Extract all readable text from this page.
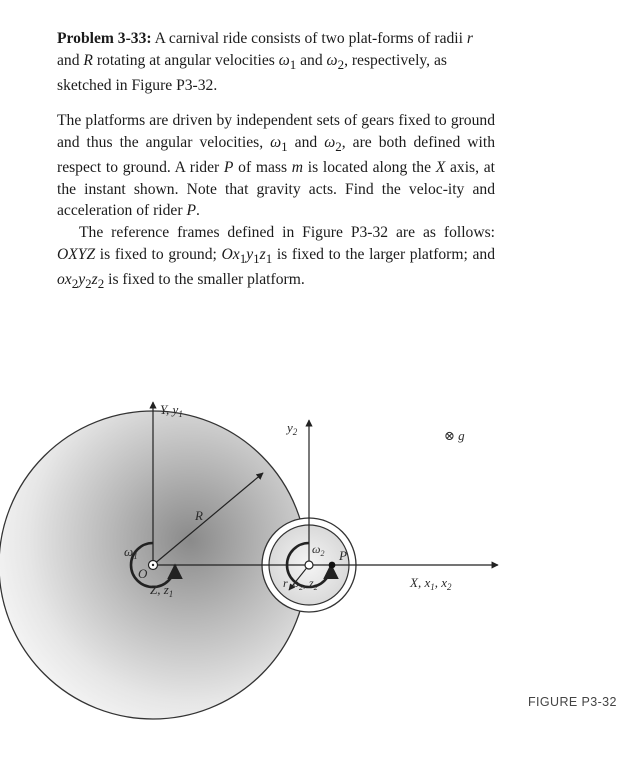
Problem 3-33: A carnival ride consists of two plat-forms of radii r and R rotating at angular velocities $\omega_1$ and $\omega_2$, respectively, as sketched in Figure P3-32.

The platforms are driven by independent sets of gears fixed to ground and thus the angular velocities, $\omega_1$ and $\omega_2$, are both defined with respect to ground. A rider P of mass m is located along the X axis, at the instant shown. Note that gravity acts. Find the veloc-ity and acceleration of rider P.

The reference frames defined in Figure P3-32 are as follows: OXYZ is fixed to ground; $Ox_1y_1z_1$ is fixed to the larger platform; and $ox_2y_2z_2$ is fixed to the smaller platform.

Y, $y_1$
$y_2$	⊗ g
R
$\omega_1$	$\omega_2$
O
Z, $z_1$
r $o_2$, $z_2$
P
X, $x_1$, $x_2$
FIGURE P3-32
